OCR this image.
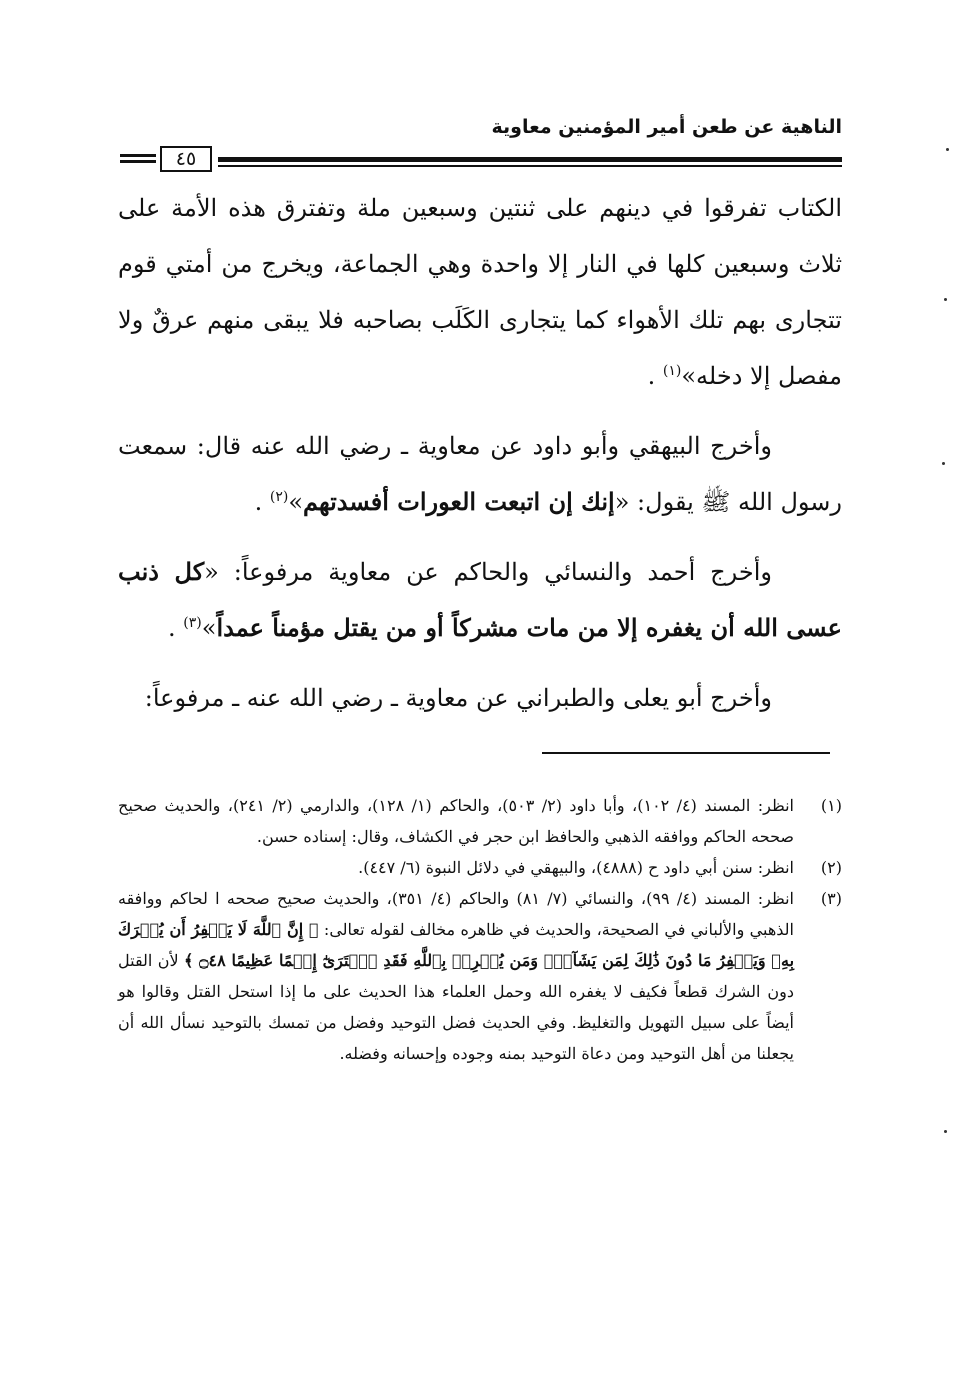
الناهية عن طعن أمير المؤمنين معاوية
٤٥

الكتاب تفرقوا في دينهم على ثنتين وسبعين ملة وتفترق هذه الأمة على ثلاث وسبعين كلها في النار إلا واحدة وهي الجماعة، ويخرج من أمتي قوم تتجارى بهم تلك الأهواء كما يتجارى الكَلَب بصاحبه فلا يبقى منهم عرقٌ ولا مفصل إلا دخله»$^{(١)}$ .

وأخرج البيهقي وأبو داود عن معاوية ـ رضي الله عنه قال: سمعت رسول الله ﷺ يقول: «إنك إن اتبعت العورات أفسدتهم»$^{(٢)}$ .

وأخرج أحمد والنسائي والحاكم عن معاوية مرفوعاً: «كل ذنب عسى الله أن يغفره إلا من مات مشركاً أو من يقتل مؤمناً عمداً»$^{(٣)}$ .

وأخرج أبو يعلى والطبراني عن معاوية ـ رضي الله عنه ـ مرفوعاً:

(١)
انظر: المسند (٤/ ١٠٢)، وأبا داود (٢/ ٥٠٣)، والحاكم (١/ ١٢٨)، والدارمي (٢/ ٢٤١)، والحديث صحيح صححه الحاكم ووافقه الذهبي والحافظ ابن حجر في الكشاف، وقال: إسناده حسن.
(٢)
انظر: سنن أبي داود ح (٤٨٨٨)، والبيهقي في دلائل النبوة (٦/ ٤٤٧).
(٣)
انظر: المسند (٤/ ٩٩)، والنسائي (٧/ ٨١) والحاكم (٤/ ٣٥١)، والحديث صحيح صححه ا لحاكم ووافقه الذهبي والألباني في الصحيحة، والحديث في ظاهره مخالف لقوله تعالى: ﴿ إِنَّ ٱللَّهَ لَا يَغۡفِرُ أَن يُشۡرَكَ بِهِۦ وَيَغۡفِرُ مَا دُونَ ذَٰلِكَ لِمَن يَشَآءُۚ وَمَن يُشۡرِكۡ بِٱللَّهِ فَقَدِ ٱفۡتَرَىٰٓ إِثۡمًا عَظِيمًا ۝٤٨ ﴾ لأن القتل دون الشرك قطعاً فكيف لا يغفره الله وحمل العلماء هذا الحديث على ما إذا استحل القتل وقالوا هو أيضاً على سبيل التهويل والتغليظ. وفي الحديث فضل التوحيد وفضل من تمسك بالتوحيد نسأل الله أن يجعلنا من أهل التوحيد ومن دعاة التوحيد بمنه وجوده وإحسانه وفضله.
